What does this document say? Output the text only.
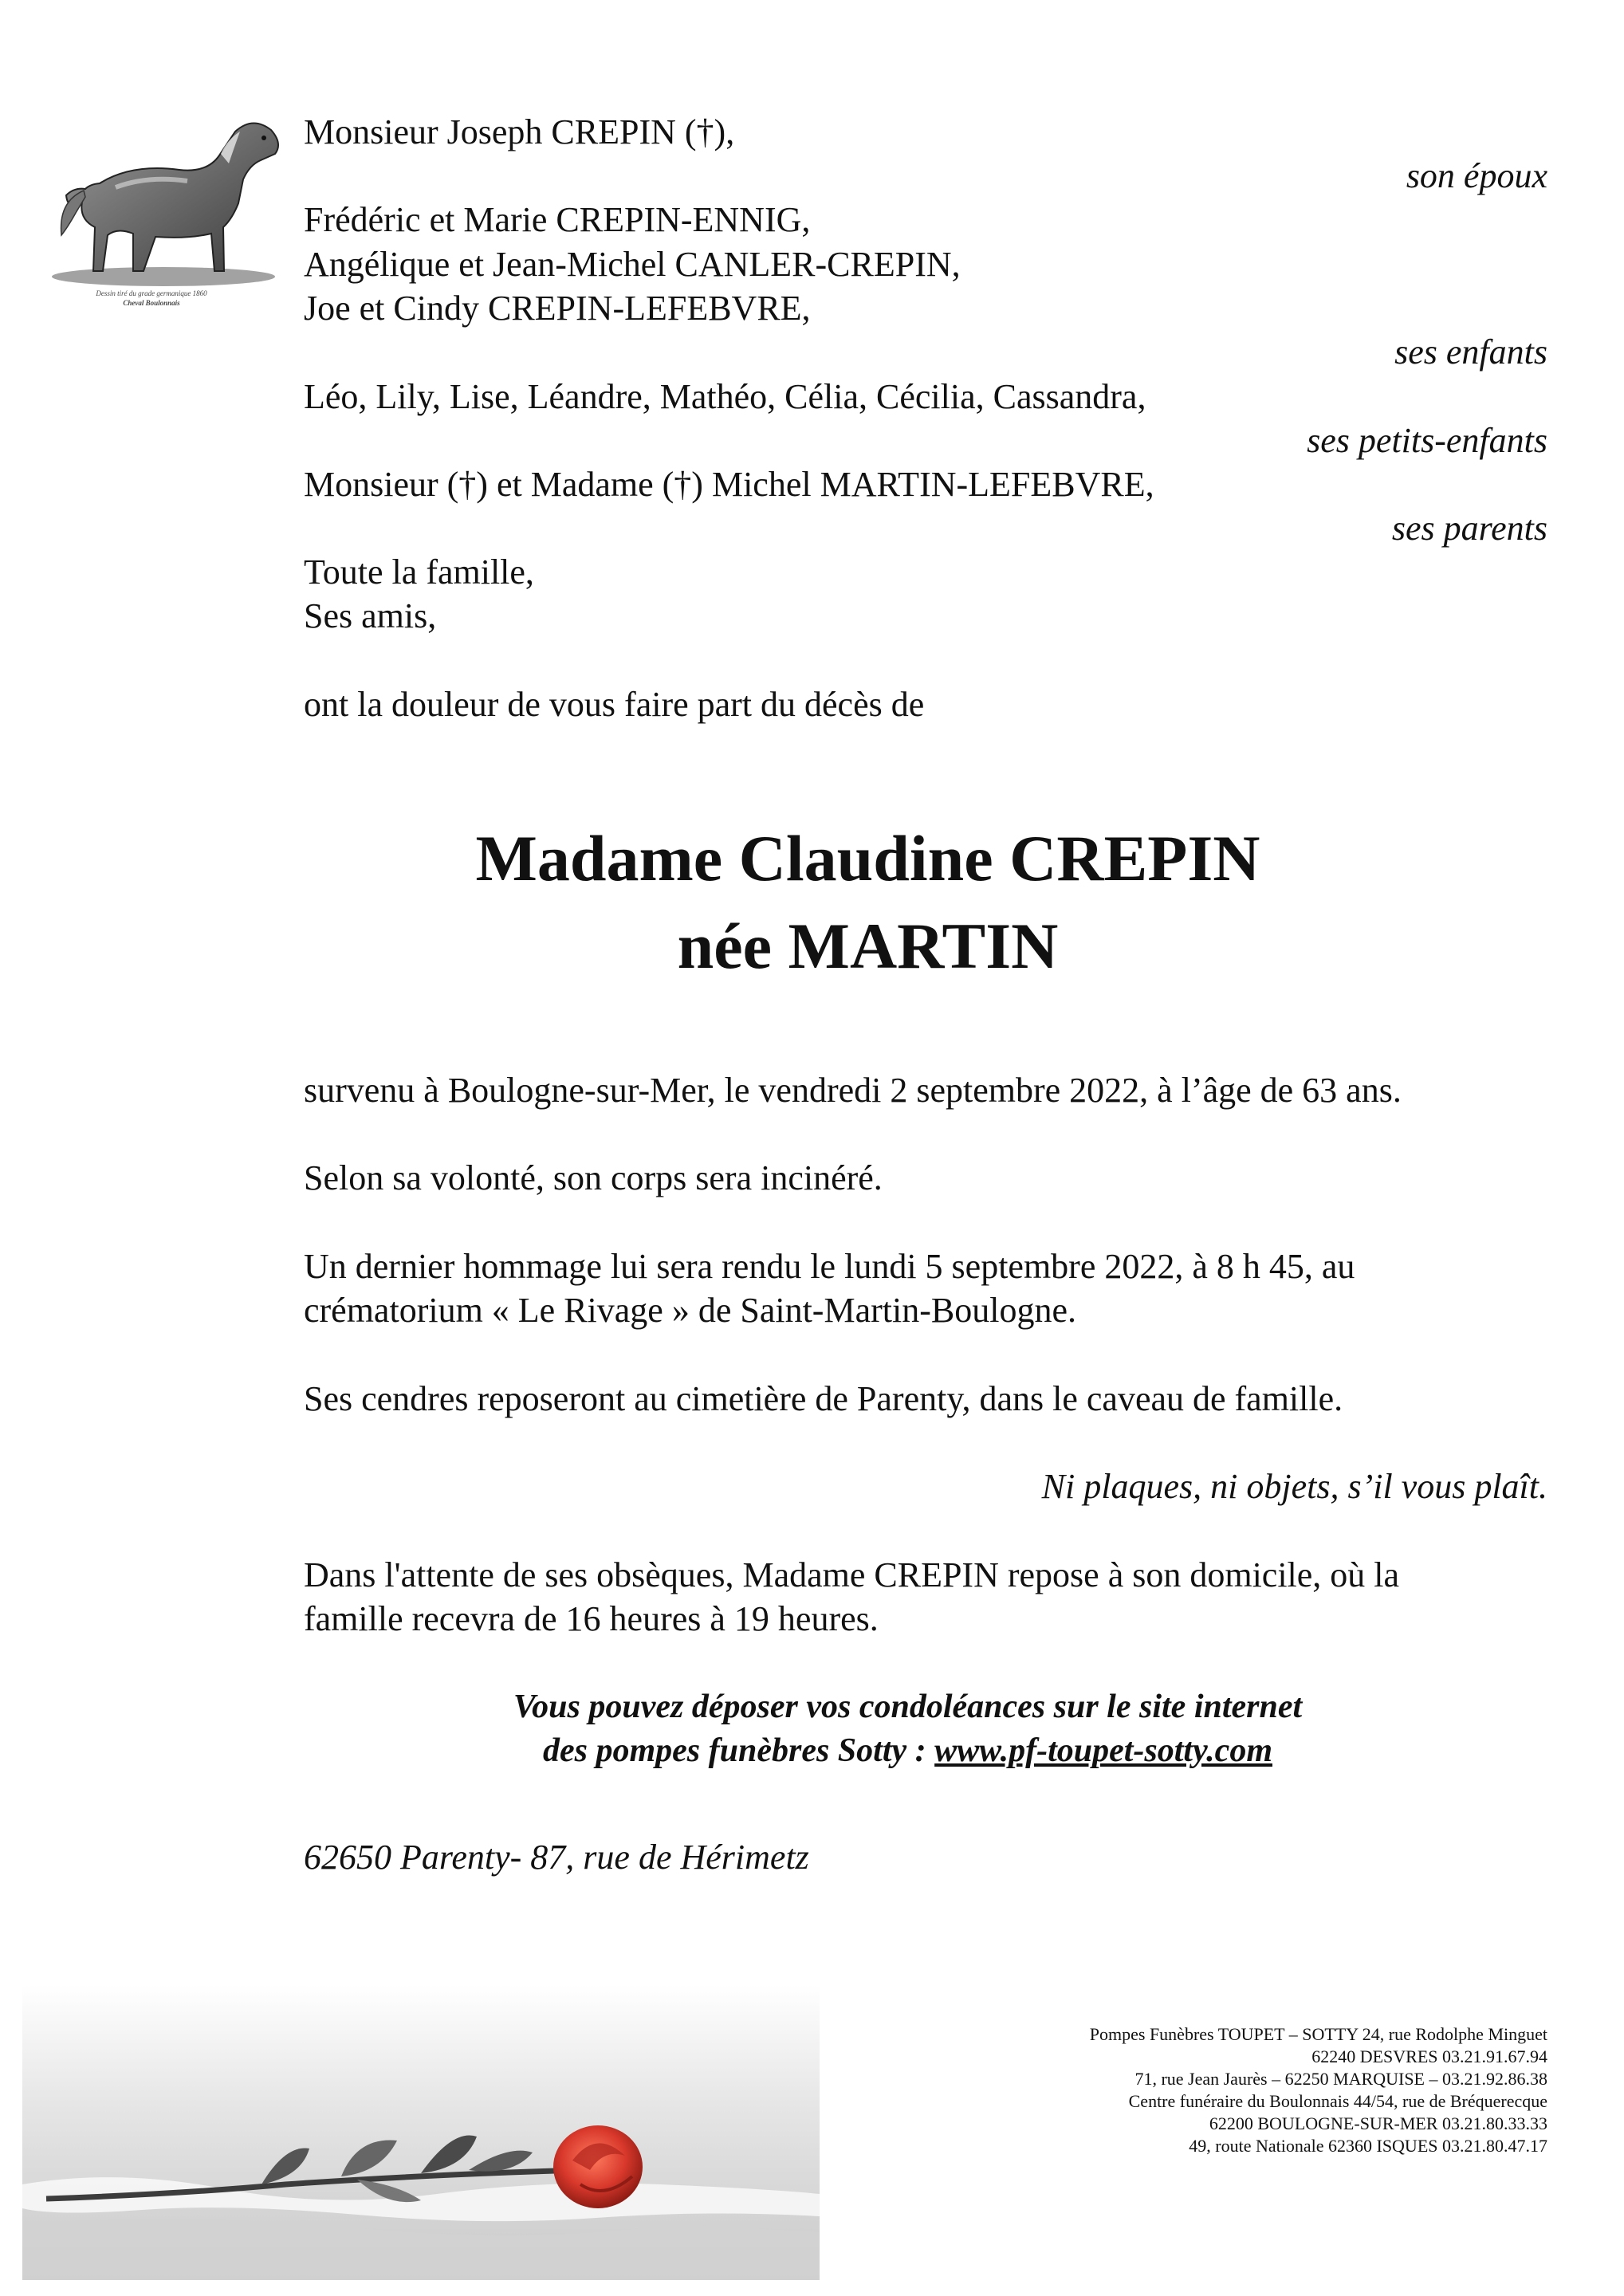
Dessin tiré du grade germanique 1860
Cheval Boulonnais
Monsieur Joseph CREPIN (†),
son époux
Frédéric et Marie CREPIN-ENNIG,
Angélique et Jean-Michel CANLER-CREPIN,
Joe et Cindy CREPIN-LEFEBVRE,
ses enfants
Léo, Lily, Lise, Léandre, Mathéo, Célia, Cécilia, Cassandra,
ses petits-enfants
Monsieur (†) et Madame (†) Michel MARTIN-LEFEBVRE,
ses parents
Toute la famille,
Ses amis,
ont la douleur de vous faire part du décès de
Madame Claudine CREPIN
née MARTIN
survenu à Boulogne-sur-Mer, le vendredi 2 septembre 2022, à l’âge de 63 ans.
Selon sa volonté, son corps sera incinéré.
Un dernier hommage lui sera rendu le lundi 5 septembre 2022, à 8 h 45, au
crématorium « Le Rivage » de Saint-Martin-Boulogne.
Ses cendres reposeront au cimetière de Parenty, dans le caveau de famille.
Ni plaques, ni objets, s’il vous plaît.
Dans l'attente de ses obsèques, Madame CREPIN repose à son domicile, où la
famille recevra de 16 heures à 19 heures.
Vous pouvez déposer vos condoléances sur le site internet
des pompes funèbres Sotty : www.pf-toupet-sotty.com
62650 Parenty- 87, rue de Hérimetz
Pompes Funèbres TOUPET – SOTTY 24, rue Rodolphe Minguet
62240 DESVRES 03.21.91.67.94
71, rue Jean Jaurès – 62250 MARQUISE – 03.21.92.86.38
Centre funéraire du Boulonnais 44/54, rue de Bréquerecque
62200 BOULOGNE-SUR-MER 03.21.80.33.33
49, route Nationale 62360 ISQUES 03.21.80.47.17
